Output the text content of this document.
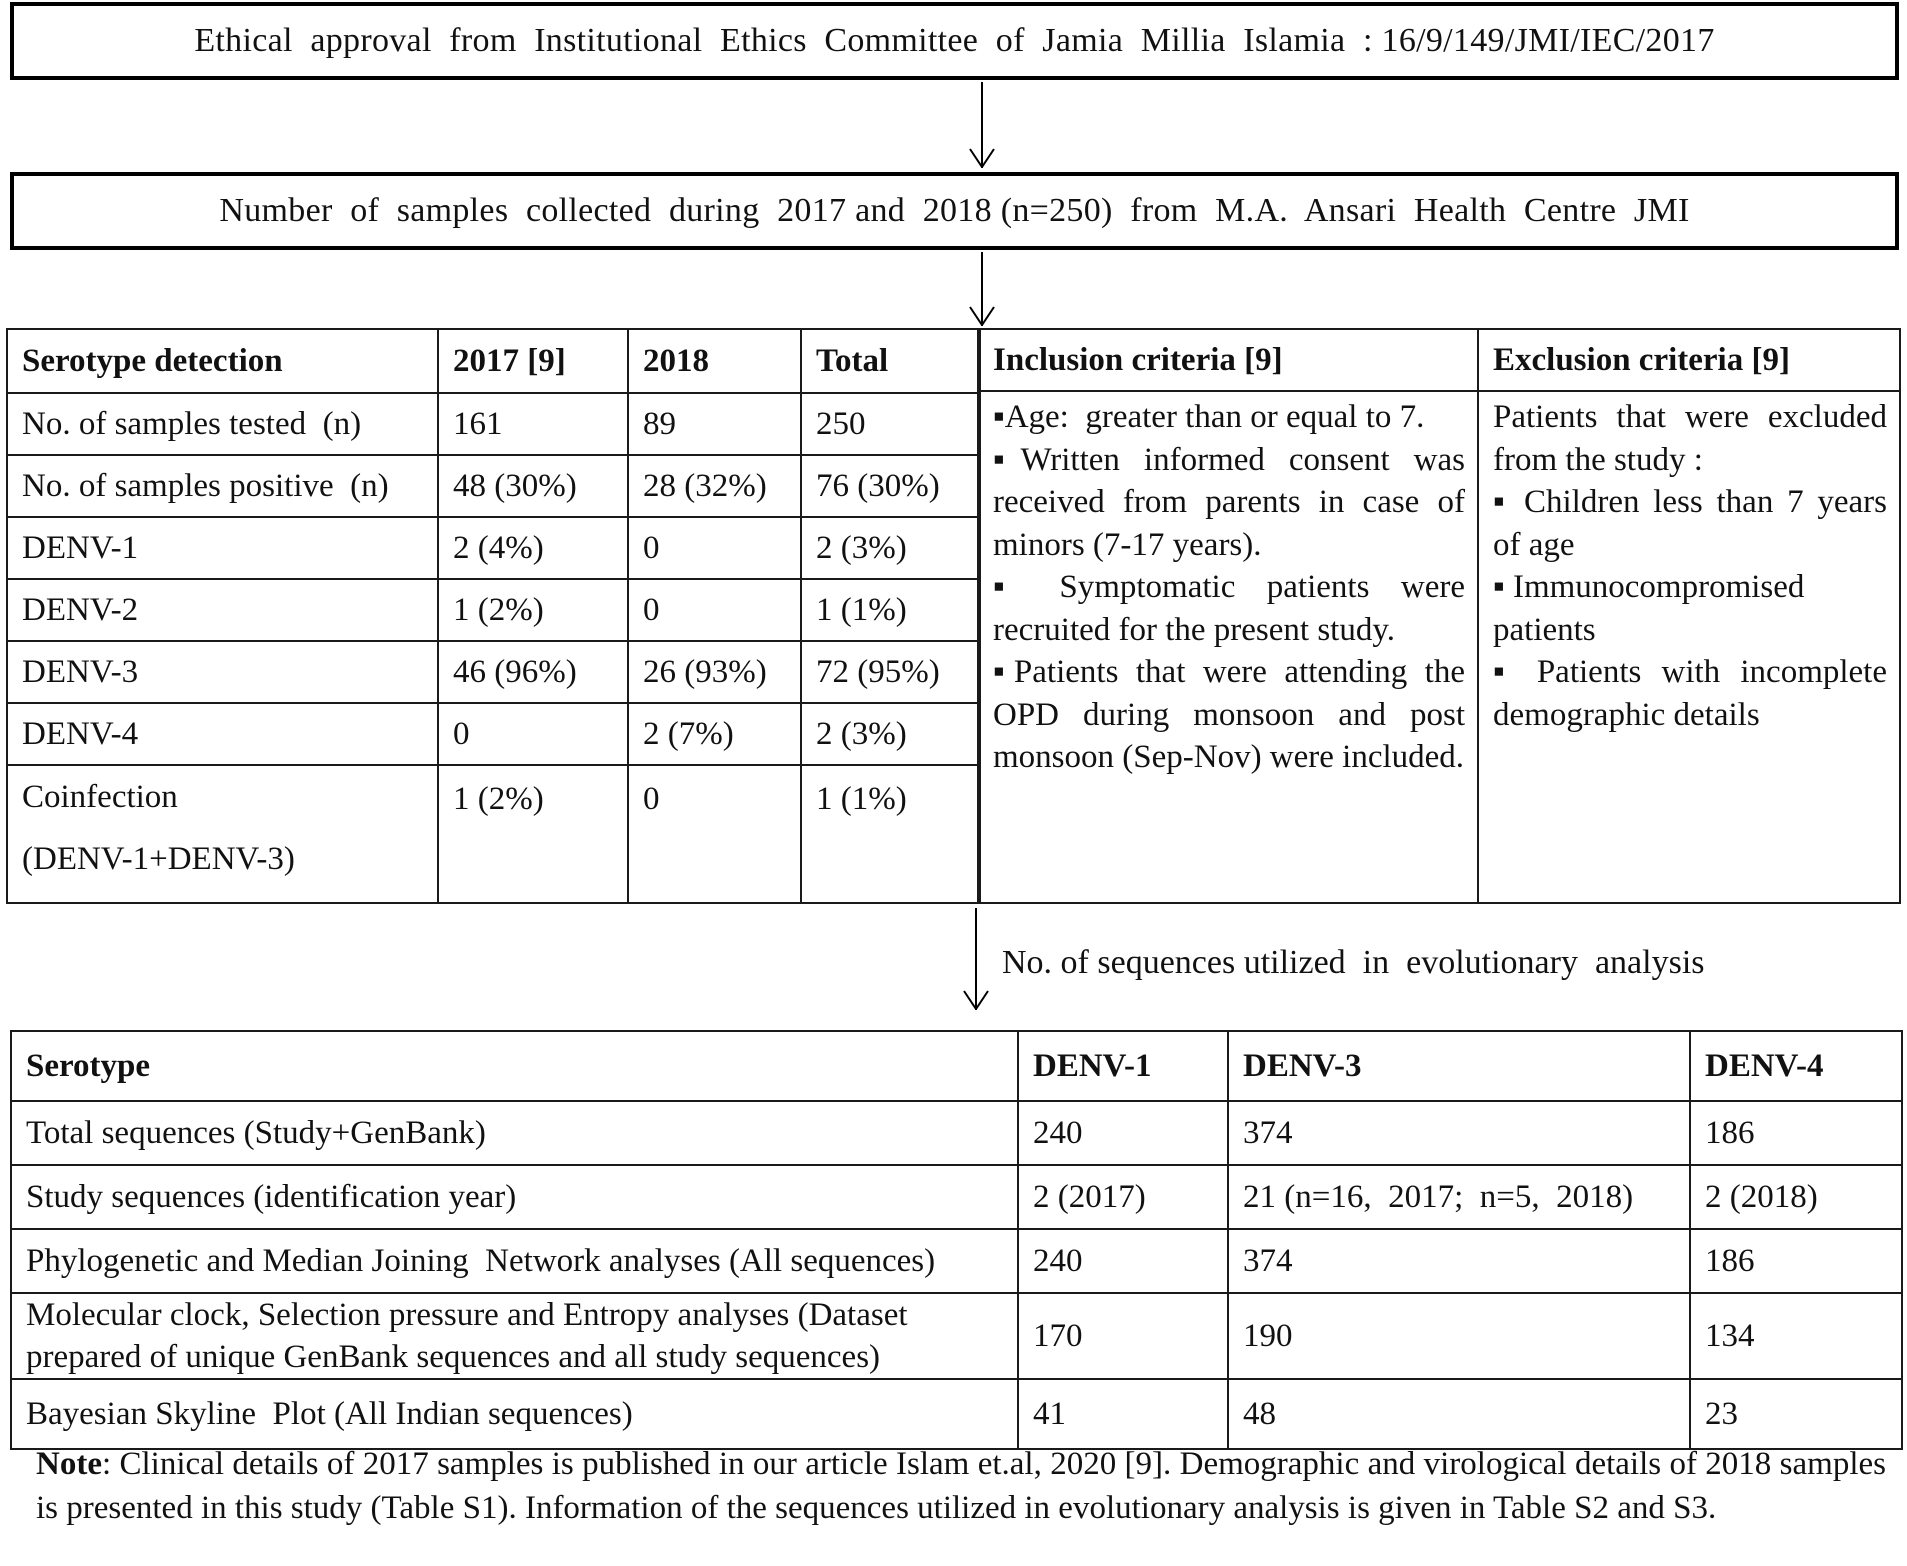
Ethical  approval  from  Institutional  Ethics  Committee  of  Jamia  Millia  Islamia  : 16/9/149/JMI/IEC/2017
Number  of  samples  collected  during  2017 and  2018 (n=250)  from  M.A.  Ansari  Health  Centre  JMI
Serotype detection	2017 [9]	2018	Total
No. of samples tested  (n)	161	89	250
No. of samples positive  (n)	48 (30%)	28 (32%)	76 (30%)
DENV-1	2 (4%)	0	2 (3%)
DENV-2	1 (2%)	0	1 (1%)
DENV-3	46 (96%)	26 (93%)	72 (95%)
DENV-4	0	2 (7%)	2 (3%)

Coinfection
(DENV-1+DENV-3)	1 (2%)	0	1 (1%)
Inclusion criteria [9]

▪Age:  greater than or equal to 7.

▪Written informed consent was received from parents in case of minors (7-17 years).

▪ Symptomatic patients were recruited for the present study.

▪Patients that were attending the OPD during monsoon and post monsoon (Sep-Nov) were included.

Exclusion criteria [9]

Patients that were excluded from the study :

▪ Children less than 7 years of age

▪ Immunocompromised patients

▪ Patients with incomplete demographic details

No. of sequences utilized  in  evolutionary  analysis
Serotype	DENV-1	DENV-3	DENV-4
Total sequences (Study+GenBank)	240	374	186
Study sequences (identification year)	2 (2017)	21 (n=16,  2017;  n=5,  2018)	2 (2018)
Phylogenetic and Median Joining  Network analyses (All sequences)	240	374	186
Molecular clock, Selection pressure and Entropy analyses (Dataset prepared of unique GenBank sequences and all study sequences)	170	190	134
Bayesian Skyline  Plot (All Indian sequences)	41	48	23
Note: Clinical details of 2017 samples is published in our article Islam et.al, 2020 [9]. Demographic and virological details of 2018 samples is presented in this study (Table S1). Information of the sequences utilized in evolutionary analysis is given in Table S2 and S3.
